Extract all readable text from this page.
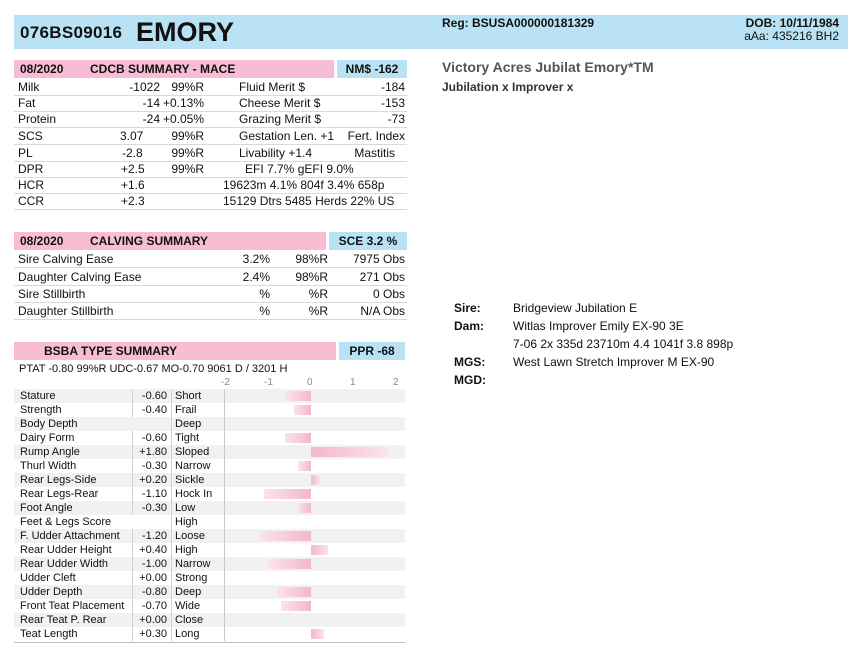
076BS09016 EMORY	Reg: BSUSA000000181329	DOB: 10/11/1984
aAa: 435216 BH2
NM$ -162
08/2020 CDCB SUMMARY - MACE
Milk	-1022 99%R	Fluid Merit $	-184
Fat	-14 +0.13%	Cheese Merit $	-153
Protein	-24 +0.05%	Grazing Merit $	-73
SCS	3.07	99%R	Gestation Len. +1	Fert. Index
PL	-2.8	99%R	Livability +1.4	Mastitis
DPR	+2.5	99%R	EFI 7.7% gEFI 9.0%
HCR	+1.6	19623m 4.1% 804f 3.4% 658p
CCR	+2.3	15129 Dtrs 5485 Herds 22% US
SCE 3.2 %
08/2020 CALVING SUMMARY
Sire Calving Ease	3.2%	98%R	7975 Obs
Daughter Calving Ease	2.4%	98%R	271 Obs
Sire Stillbirth	%	%R	0 Obs
Daughter Stillbirth	%	%R	N/A Obs
PPR -68
BSBA TYPE SUMMARY
PTAT -0.80 99%R UDC-0.67 MO-0.70 9061 D / 3201 H
-2	-1	0	1	2
Stature	-0.60 Short
Strength	-0.40 Frail
Body Depth	Deep
Dairy Form	-0.60 Tight
Rump Angle	+1.80 Sloped
Thurl Width	-0.30 Narrow
Rear Legs-Side	+0.20 Sickle
Rear Legs-Rear	-1.10 Hock In
Foot Angle	-0.30 Low
Feet & Legs Score	High
F. Udder Attachment	-1.20 Loose
Rear Udder Height	+0.40 High
Rear Udder Width	-1.00 Narrow
Udder Cleft	+0.00 Strong
Udder Depth	-0.80 Deep
Front Teat Placement	-0.70 Wide
Rear Teat P. Rear	+0.00 Close
Teat Length	+0.30 Long
Victory Acres Jubilat Emory*TM
Jubilation x Improver x
Sire:	Bridgeview Jubilation E
Dam: Witlas Improver Emily EX-90 3E
7-06 2x 335d 23710m 4.4 1041f 3.8 898p
MGS: West Lawn Stretch Improver M EX-90
MGD:
